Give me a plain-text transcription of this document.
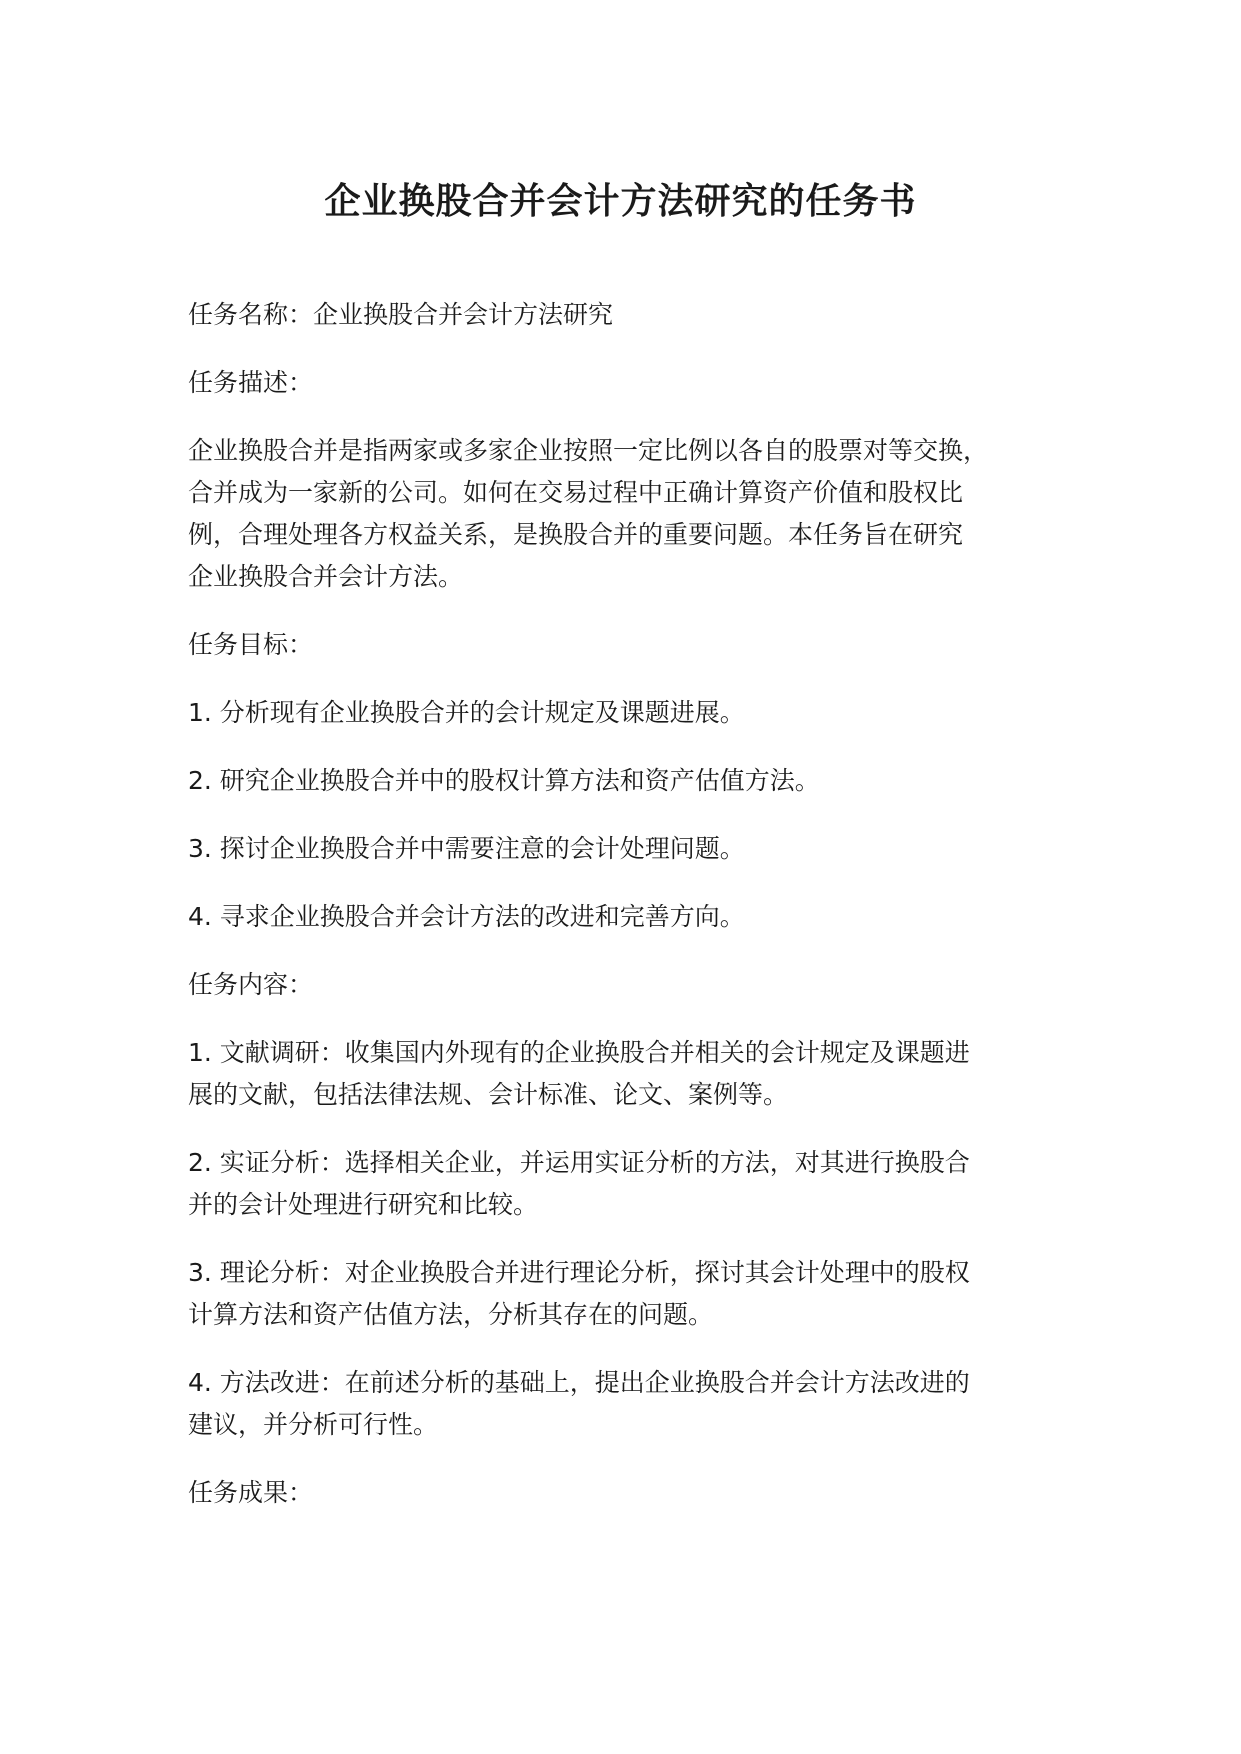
企业换股合并会计方法研究的任务书

任务名称：企业换股合并会计方法研究

任务描述：

企业换股合并是指两家或多家企业按照一定比例以各自的股票对等交换，
合并成为一家新的公司。如何在交易过程中正确计算资产价值和股权比
例，合理处理各方权益关系，是换股合并的重要问题。本任务旨在研究
企业换股合并会计方法。

任务目标：

1. 分析现有企业换股合并的会计规定及课题进展。

2. 研究企业换股合并中的股权计算方法和资产估值方法。

3. 探讨企业换股合并中需要注意的会计处理问题。

4. 寻求企业换股合并会计方法的改进和完善方向。

任务内容：

1. 文献调研：收集国内外现有的企业换股合并相关的会计规定及课题进
展的文献，包括法律法规、会计标准、论文、案例等。

2. 实证分析：选择相关企业，并运用实证分析的方法，对其进行换股合
并的会计处理进行研究和比较。

3. 理论分析：对企业换股合并进行理论分析，探讨其会计处理中的股权
计算方法和资产估值方法，分析其存在的问题。

4. 方法改进：在前述分析的基础上，提出企业换股合并会计方法改进的
建议，并分析可行性。

任务成果：
